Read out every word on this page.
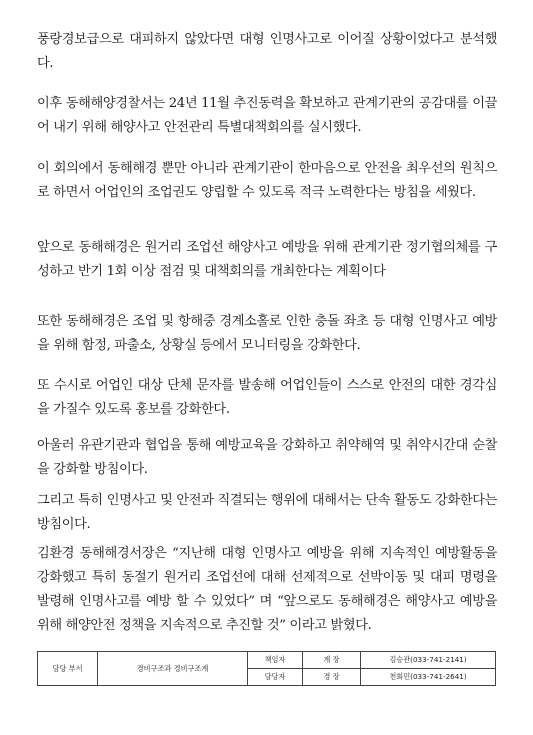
풍랑경보급으로 대피하지 않았다면 대형 인명사고로 이어질 상황이었다고 분석했다.

이후 동해해양경찰서는 24년 11월 추진동력을 확보하고 관계기관의 공감대를 이끌어 내기 위해 해양사고 안전관리 특별대책회의를 실시했다.

이 회의에서 동해해경 뿐만 아니라 관계기관이 한마음으로 안전을 최우선의 원칙으로 하면서 어업인의 조업권도 양립할 수 있도록 적극 노력한다는 방침을 세웠다.

앞으로 동해해경은 원거리 조업선 해양사고 예방을 위해 관계기관 정기협의체를 구성하고 반기 1회 이상 점검 및 대책회의를 개최한다는 계획이다

또한 동해해경은 조업 및 항해중 경계소홀로 인한 충돌 좌초 등 대형 인명사고 예방을 위해 함정, 파출소, 상황실 등에서 모니터링을 강화한다.

또 수시로 어업인 대상 단체 문자를 발송해 어업인들이 스스로 안전의 대한 경각심을 가질수 있도록 홍보를 강화한다.

아울러 유관기관과 협업을 통해 예방교육을 강화하고 취약해역 및 취약시간대 순찰을 강화할 방침이다.

그리고 특히 인명사고 및 안전과 직결되는 행위에 대해서는 단속 활동도 강화한다는 방침이다.

김환경 동해해경서장은 “지난해 대형 인명사고 예방을 위해 지속적인 예방활동을 강화했고 특히 동절기 원거리 조업선에 대해 선제적으로 선박이동 및 대피 명령을 발령해 인명사고를 예방 할 수 있었다” 며 “앞으로도 동해해경은 해양사고 예방을 위해 해양안전 정책을 지속적으로 추진할 것” 이라고 밝혔다.

담당 부서	경비구조과 경비구조계	책임자	계 장	김승관(033-741-2141)
		담당자	경 장	천회민(033-741-2641)
